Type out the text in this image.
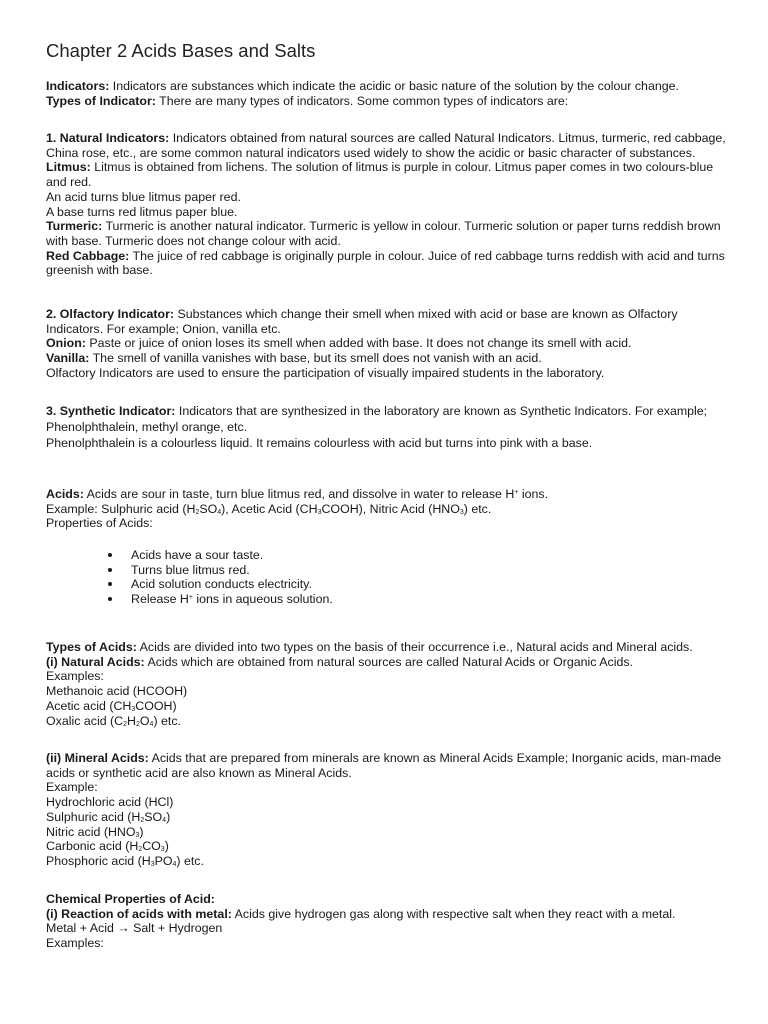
Chapter 2 Acids Bases and Salts

Indicators: Indicators are substances which indicate the acidic or basic nature of the solution by the colour change.

Types of Indicator: There are many types of indicators. Some common types of indicators are:

1. Natural Indicators: Indicators obtained from natural sources are called Natural Indicators. Litmus, turmeric, red cabbage, China rose, etc., are some common natural indicators used widely to show the acidic or basic character of substances.

Litmus: Litmus is obtained from lichens. The solution of litmus is purple in colour. Litmus paper comes in two colours-blue and red.

An acid turns blue litmus paper red.

A base turns red litmus paper blue.

Turmeric: Turmeric is another natural indicator. Turmeric is yellow in colour. Turmeric solution or paper turns reddish brown with base. Turmeric does not change colour with acid.

Red Cabbage: The juice of red cabbage is originally purple in colour. Juice of red cabbage turns reddish with acid and turns greenish with base.

2. Olfactory Indicator: Substances which change their smell when mixed with acid or base are known as Olfactory Indicators. For example; Onion, vanilla etc.

Onion: Paste or juice of onion loses its smell when added with base. It does not change its smell with acid.

Vanilla: The smell of vanilla vanishes with base, but its smell does not vanish with an acid.

Olfactory Indicators are used to ensure the participation of visually impaired students in the laboratory.

3. Synthetic Indicator: Indicators that are synthesized in the laboratory are known as Synthetic Indicators. For example; Phenolphthalein, methyl orange, etc.

Phenolphthalein is a colourless liquid. It remains colourless with acid but turns into pink with a base.

Acids: Acids are sour in taste, turn blue litmus red, and dissolve in water to release H+ ions.

Example: Sulphuric acid $(H_2SO_4)$, Acetic Acid $(CH_3COOH)$, Nitric Acid $(HNO_3)$ etc.

Properties of Acids:

Acids have a sour taste.
Turns blue litmus red.
Acid solution conducts electricity.
Release H+ ions in aqueous solution.

Types of Acids: Acids are divided into two types on the basis of their occurrence i.e., Natural acids and Mineral acids.

(i) Natural Acids: Acids which are obtained from natural sources are called Natural Acids or Organic Acids.

Examples:

Methanoic acid (HCOOH)

Acetic acid $(CH_3COOH)$

Oxalic acid $(C_2H_2O_4)$ etc.

(ii) Mineral Acids: Acids that are prepared from minerals are known as Mineral Acids Example; Inorganic acids, man-made acids or synthetic acid are also known as Mineral Acids.

Example:

Hydrochloric acid (HCl)

Sulphuric acid $(H_2SO_4)$

Nitric acid $(HNO_3)$

Carbonic acid $(H_2CO_3)$

Phosphoric acid $(H_3PO_4)$ etc.

Chemical Properties of Acid:

(i) Reaction of acids with metal: Acids give hydrogen gas along with respective salt when they react with a metal.

Metal + Acid → Salt + Hydrogen

Examples:
